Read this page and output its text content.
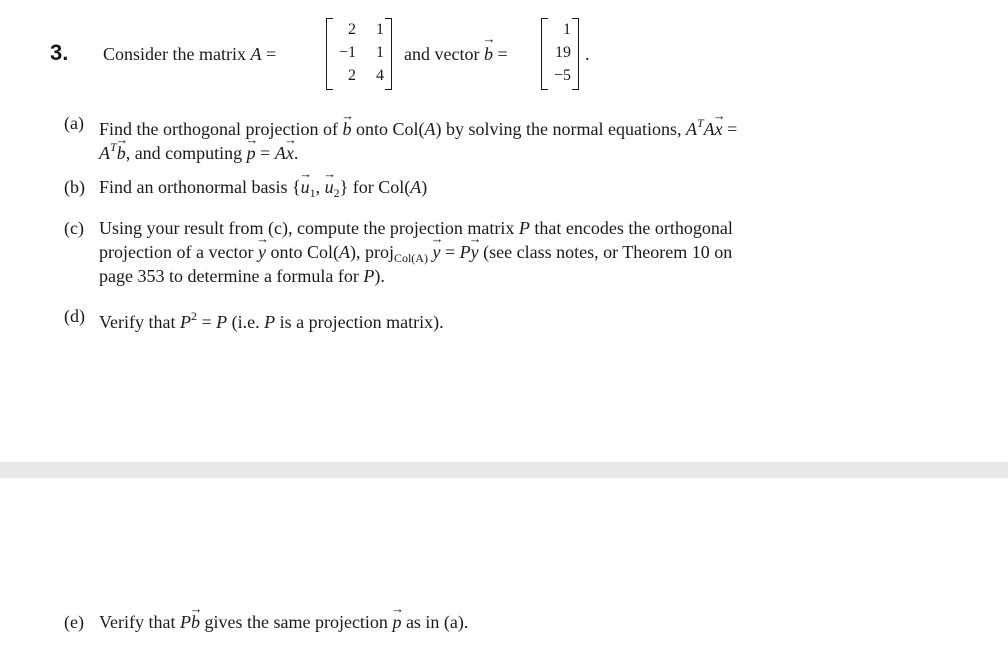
3. Consider the matrix A =
2	1
−1	1
2	4
and vector → b =
1
19
−5
.
(a) Find the orthogonal projection of → b onto Col(A) by solving the normal equations, $A^TA\to x$ =
$A^T\to b$, and computing → p = A→ x.
(b) Find an orthonormal basis {→ $u_1$, → $u_2$} for Col(A)
(c) Using your result from (c), compute the projection matrix P that encodes the orthogonal
projection of a vector → y onto Col(A), proj$_{Col(A)}$ → y = P→ y (see class notes, or Theorem 10 on
page 353 to determine a formula for P).
(d) Verify that $P^2 = P$ (i.e. P is a projection matrix).
(e) Verify that P→ b gives the same projection → p as in (a).
